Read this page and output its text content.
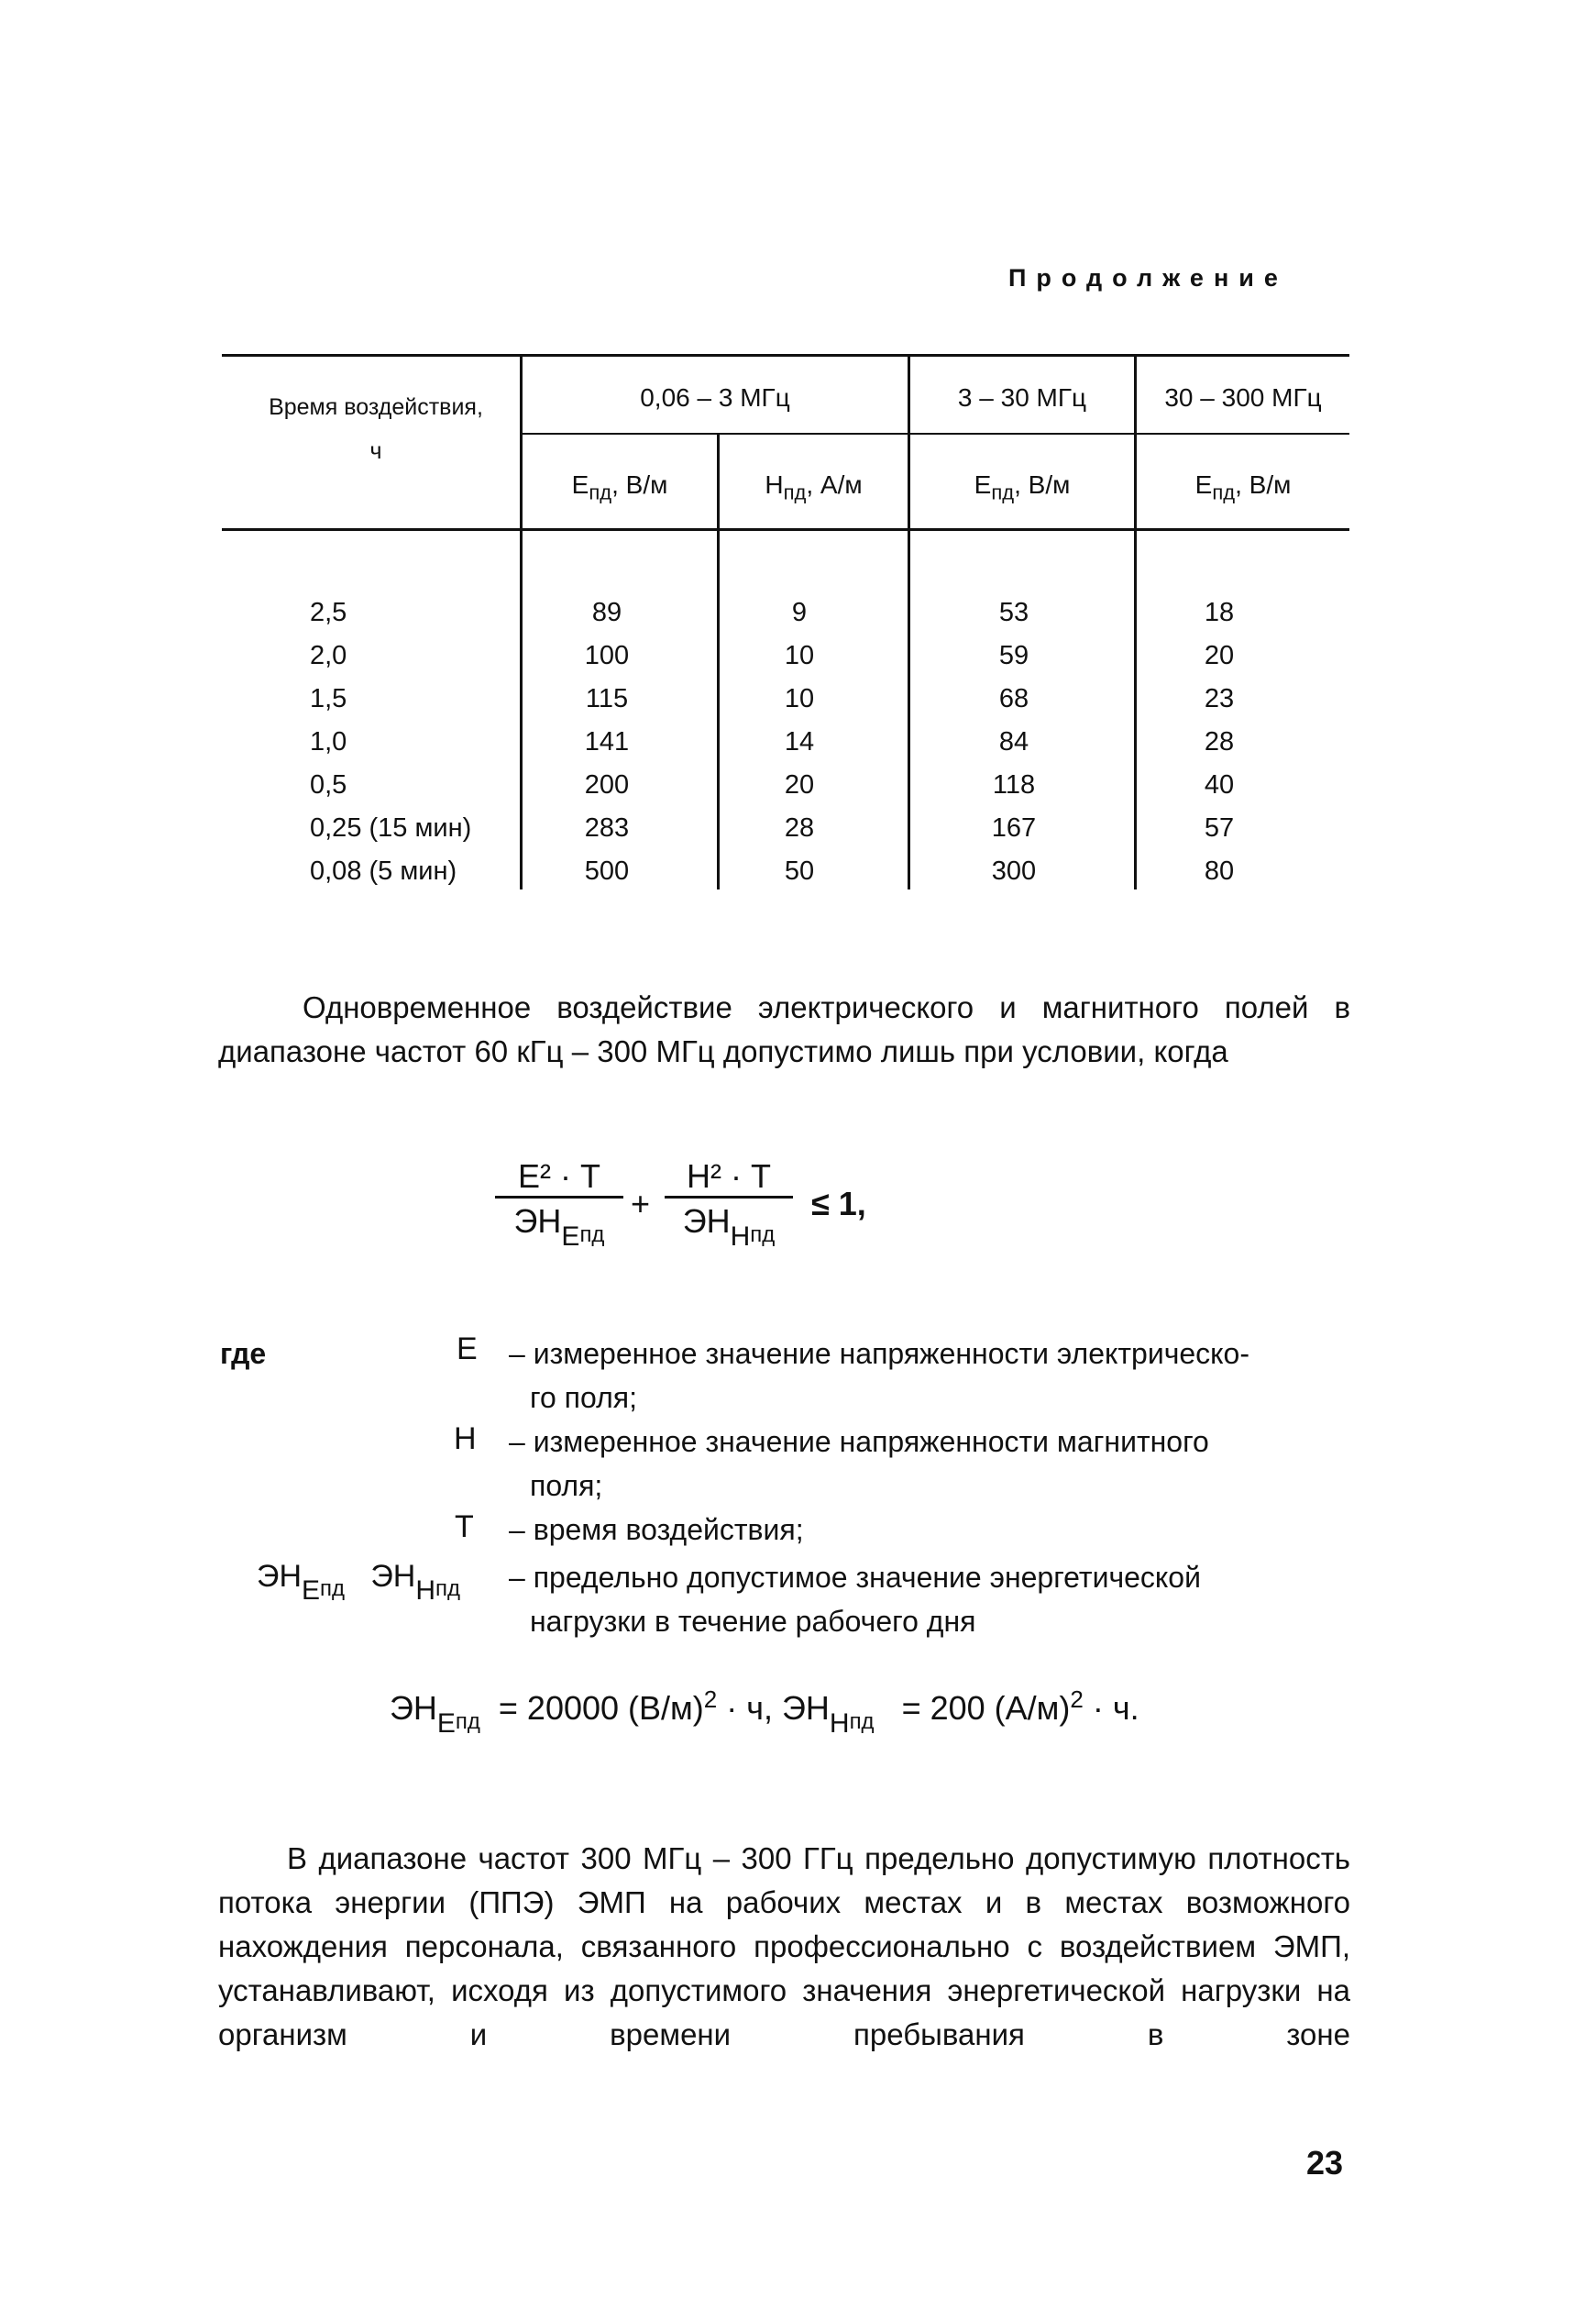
Продолжение
Время воздействия, ч
0,06 – 3 МГц	3 – 30 МГц	30 – 300 МГц
$Е_{пд}$, В/м	$Н_{пд}$, А/м	$Е_{пд}$, В/м	$Е_{пд}$, В/м
2,5	89	9	53	18
2,0	100	10	59	20
1,5	115	10	68	23
1,0	141	14	84	28
0,5	200	20	118	40
0,25 (15 мин)	283	28	167	57
0,08 (5 мин)	500	50	300	80
Одновременное воздействие электрического и магнитного полей в диапазоне частот 60 кГц – 300 МГц допустимо лишь при условии, когда
Е² · Т
$ЭН_{Епд}$
+
Н² · Т
$ЭН_{Нпд}$
≤ 1,
где	Е – измеренное значение напряженности электрическо-
го поля;
Н – измеренное значение напряженности магнитного
поля;
Т – время воздействия;
$ЭНЕ_{пд}$ $ЭНН_{пд}$ – предельно допустимое значение энергетической
нагрузки в течение рабочего дня
$ЭН_{Епд} = 20000$ $(В/м)^2 \cdot ч$, $ЭН_{Нпд} = 200$ $(А/м)^2 \cdot ч$.
В диапазоне частот 300 МГц – 300 ГГц предельно допустимую плотность потока энергии (ППЭ) ЭМП на рабочих местах и в местах возможного нахождения персонала, связанного профессионально с воздействием ЭМП, устанавливают, исходя из допустимого значения энергетической нагрузки на организм и времени пребывания в зоне
23
